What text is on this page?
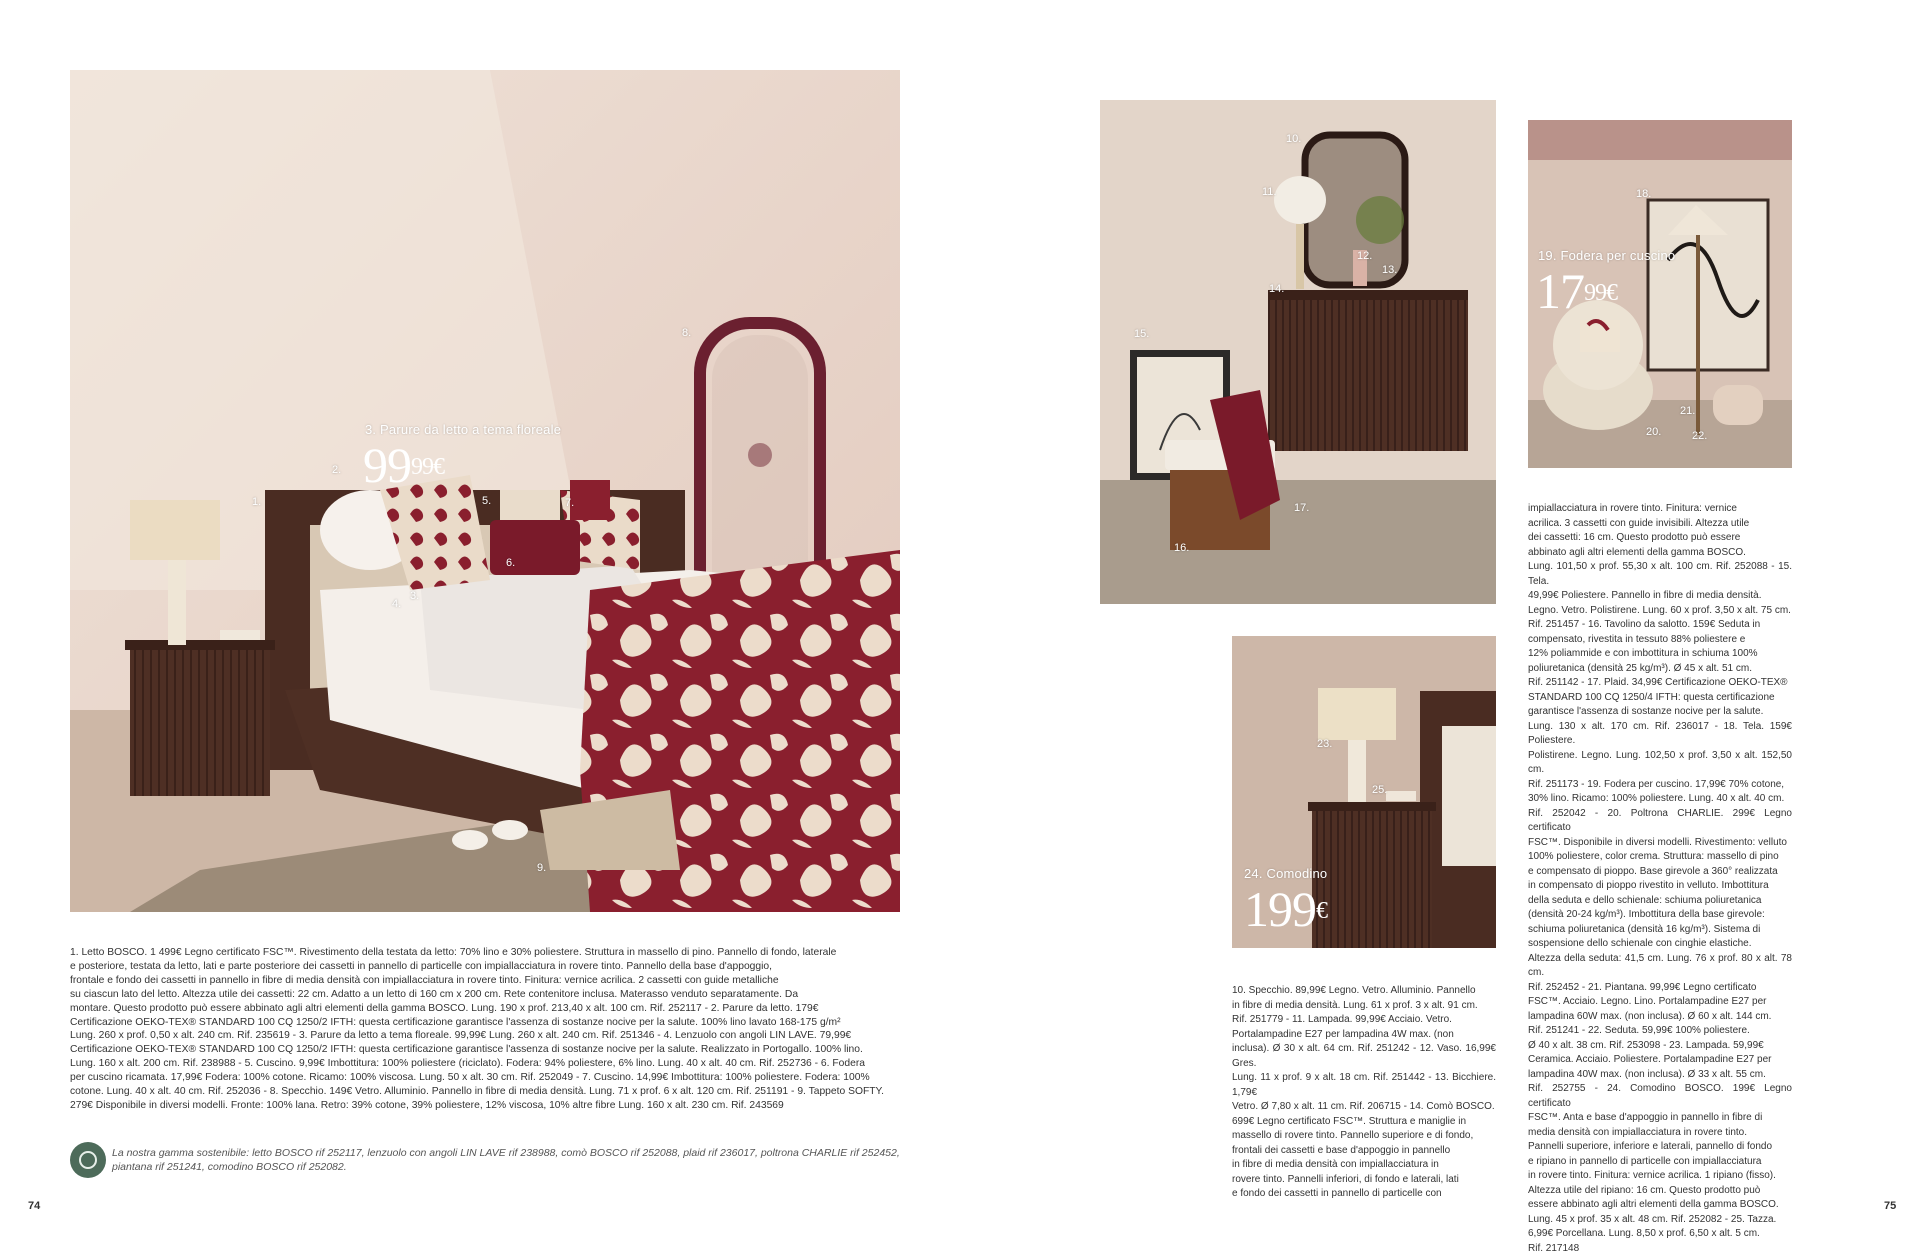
1.
2.
3.
4.
5.
6.
7.
8.
9.
3. Parure da letto a tema floreale
$99^{99€}$
1. Letto BOSCO. 1 499€ Legno certificato FSC™. Rivestimento della testata da letto: 70% lino e 30% poliestere. Struttura in massello di pino. Pannello di fondo, laterale
e posteriore, testata da letto, lati e parte posteriore dei cassetti in pannello di particelle con impiallacciatura in rovere tinto. Pannello della base d'appoggio,
frontale e fondo dei cassetti in pannello in fibre di media densità con impiallacciatura in rovere tinto. Finitura: vernice acrilica. 2 cassetti con guide metalliche
su ciascun lato del letto. Altezza utile dei cassetti: 22 cm. Adatto a un letto di 160 cm x 200 cm. Rete contenitore inclusa. Materasso venduto separatamente. Da
montare. Questo prodotto può essere abbinato agli altri elementi della gamma BOSCO. Lung. 190 x prof. 213,40 x alt. 100 cm. Rif. 252117 - 2. Parure da letto. 179€
Certificazione OEKO-TEX® STANDARD 100 CQ 1250/2 IFTH: questa certificazione garantisce l'assenza di sostanze nocive per la salute. 100% lino lavato 168-175 g/m²
Lung. 260 x prof. 0,50 x alt. 240 cm. Rif. 235619 - 3. Parure da letto a tema floreale. 99,99€ Lung. 260 x alt. 240 cm. Rif. 251346 - 4. Lenzuolo con angoli LIN LAVE. 79,99€
Certificazione OEKO-TEX® STANDARD 100 CQ 1250/2 IFTH: questa certificazione garantisce l'assenza di sostanze nocive per la salute. Realizzato in Portogallo. 100% lino.
Lung. 160 x alt. 200 cm. Rif. 238988 - 5. Cuscino. 9,99€ Imbottitura: 100% poliestere (riciclato). Fodera: 94% poliestere, 6% lino. Lung. 40 x alt. 40 cm. Rif. 252736 - 6. Fodera
per cuscino ricamata. 17,99€ Fodera: 100% cotone. Ricamo: 100% viscosa. Lung. 50 x alt. 30 cm. Rif. 252049 - 7. Cuscino. 14,99€ Imbottitura: 100% poliestere. Fodera: 100%
cotone. Lung. 40 x alt. 40 cm. Rif. 252036 - 8. Specchio. 149€ Vetro. Alluminio. Pannello in fibre di media densità. Lung. 71 x prof. 6 x alt. 120 cm. Rif. 251191 - 9. Tappeto SOFTY.
279€ Disponibile in diversi modelli. Fronte: 100% lana. Retro: 39% cotone, 39% poliestere, 12% viscosa, 10% altre fibre Lung. 160 x alt. 230 cm. Rif. 243569
La nostra gamma sostenibile: letto BOSCO rif 252117, lenzuolo con angoli LIN LAVE rif 238988, comò BOSCO rif 252088, plaid rif 236017, poltrona CHARLIE rif 252452, piantana rif 251241, comodino BOSCO rif 252082.
74
10.
11.
12.
13.
14.
15.
16.
17.
18.
20.
21.
22.
19. Fodera per cuscino
$17^{99€}$
23.
25.
24. Comodino
199€
10. Specchio. 89,99€ Legno. Vetro. Alluminio. Pannello
in fibre di media densità. Lung. 61 x prof. 3 x alt. 91 cm.
Rif. 251779 - 11. Lampada. 99,99€ Acciaio. Vetro.
Portalampadine E27 per lampadina 4W max. (non
inclusa). Ø 30 x alt. 64 cm. Rif. 251242 - 12. Vaso. 16,99€ Gres.
Lung. 11 x prof. 9 x alt. 18 cm. Rif. 251442 - 13. Bicchiere. 1,79€
Vetro. Ø 7,80 x alt. 11 cm. Rif. 206715 - 14. Comò BOSCO.
699€ Legno certificato FSC™. Struttura e maniglie in
massello di rovere tinto. Pannello superiore e di fondo,
frontali dei cassetti e base d'appoggio in pannello
in fibre di media densità con impiallacciatura in
rovere tinto. Pannelli inferiori, di fondo e laterali, lati
e fondo dei cassetti in pannello di particelle con
impiallacciatura in rovere tinto. Finitura: vernice
acrilica. 3 cassetti con guide invisibili. Altezza utile
dei cassetti: 16 cm. Questo prodotto può essere
abbinato agli altri elementi della gamma BOSCO.
Lung. 101,50 x prof. 55,30 x alt. 100 cm. Rif. 252088 - 15. Tela.
49,99€ Poliestere. Pannello in fibre di media densità.
Legno. Vetro. Polistirene. Lung. 60 x prof. 3,50 x alt. 75 cm.
Rif. 251457 - 16. Tavolino da salotto. 159€ Seduta in
compensato, rivestita in tessuto 88% poliestere e
12% poliammide e con imbottitura in schiuma 100%
poliuretanica (densità 25 kg/m³). Ø 45 x alt. 51 cm.
Rif. 251142 - 17. Plaid. 34,99€ Certificazione OEKO-TEX®
STANDARD 100 CQ 1250/4 IFTH: questa certificazione
garantisce l'assenza di sostanze nocive per la salute.
Lung. 130 x alt. 170 cm. Rif. 236017 - 18. Tela. 159€ Poliestere.
Polistirene. Legno. Lung. 102,50 x prof. 3,50 x alt. 152,50 cm.
Rif. 251173 - 19. Fodera per cuscino. 17,99€ 70% cotone,
30% lino. Ricamo: 100% poliestere. Lung. 40 x alt. 40 cm.
Rif. 252042 - 20. Poltrona CHARLIE. 299€ Legno certificato
FSC™. Disponibile in diversi modelli. Rivestimento: velluto
100% poliestere, color crema. Struttura: massello di pino
e compensato di pioppo. Base girevole a 360° realizzata
in compensato di pioppo rivestito in velluto. Imbottitura
della seduta e dello schienale: schiuma poliuretanica
(densità 20-24 kg/m³). Imbottitura della base girevole:
schiuma poliuretanica (densità 16 kg/m³). Sistema di
sospensione dello schienale con cinghie elastiche.
Altezza della seduta: 41,5 cm. Lung. 76 x prof. 80 x alt. 78 cm.
Rif. 252452 - 21. Piantana. 99,99€ Legno certificato
FSC™. Acciaio. Legno. Lino. Portalampadine E27 per
lampadina 60W max. (non inclusa). Ø 60 x alt. 144 cm.
Rif. 251241 - 22. Seduta. 59,99€ 100% poliestere.
Ø 40 x alt. 38 cm. Rif. 253098 - 23. Lampada. 59,99€
Ceramica. Acciaio. Poliestere. Portalampadine E27 per
lampadina 40W max. (non inclusa). Ø 33 x alt. 55 cm.
Rif. 252755 - 24. Comodino BOSCO. 199€ Legno certificato
FSC™. Anta e base d'appoggio in pannello in fibre di
media densità con impiallacciatura in rovere tinto.
Pannelli superiore, inferiore e laterali, pannello di fondo
e ripiano in pannello di particelle con impiallacciatura
in rovere tinto. Finitura: vernice acrilica. 1 ripiano (fisso).
Altezza utile del ripiano: 16 cm. Questo prodotto può
essere abbinato agli altri elementi della gamma BOSCO.
Lung. 45 x prof. 35 x alt. 48 cm. Rif. 252082 - 25. Tazza.
6,99€ Porcellana. Lung. 8,50 x prof. 6,50 x alt. 5 cm.
Rif. 217148
75
